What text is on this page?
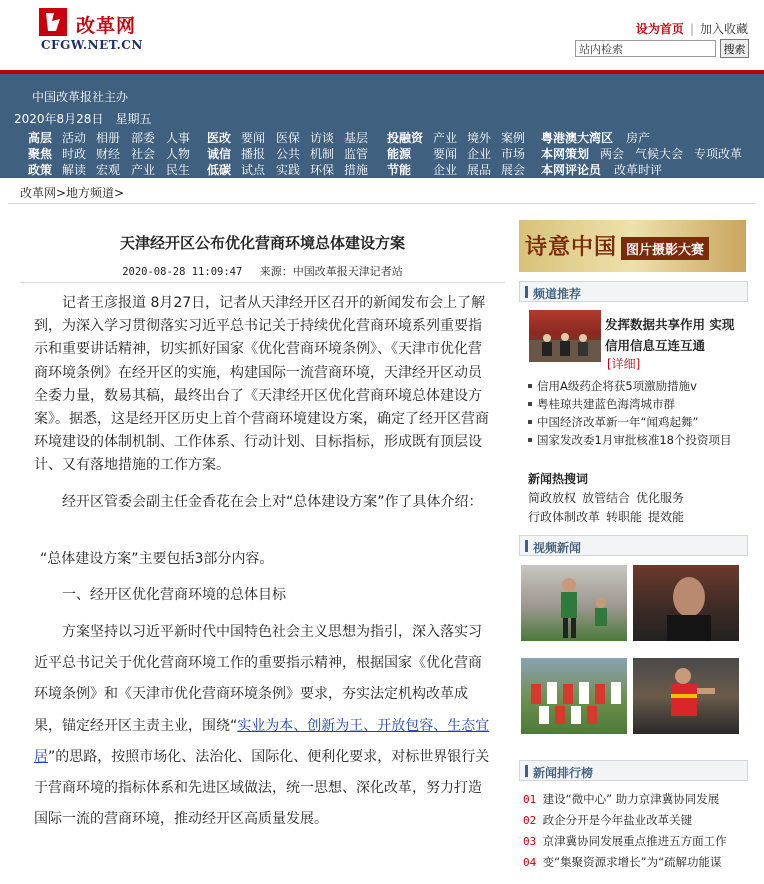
改革网
CFGW.NET.CN
设为首页 | 加入收藏
站内检索
搜索
中国改革报社主办
2020年8月28日　星期五
高层 活动 相册 部委 人事 医改 要闻 医保 访谈 基层 投融资 产业 境外 案例 粤港澳大湾区 房产
聚焦 时政 财经 社会 人物 诚信 播报 公共 机制 监管 能源 要闻 企业 市场 本网策划 两会 气候大会 专项改革
政策 解读 宏观 产业 民生 低碳 试点 实践 环保 措施 节能 企业 展品 展会 本网评论员 改革时评
改革网>地方频道>
天津经开区公布优化营商环境总体建设方案
2020-08-28 11:09:47 来源：中国改革报天津记者站

记者王彦报道 8月27日，记者从天津经开区召开的新闻发布会上了解到，为深入学习贯彻落实习近平总书记关于持续优化营商环境系列重要指示和重要讲话精神，切实抓好国家《优化营商环境条例》、《天津市优化营商环境条例》在经开区的实施，构建国际一流营商环境，天津经开区动员全委力量，数易其稿，最终出台了《天津经开区优化营商环境总体建设方案》。据悉，这是经开区历史上首个营商环境建设方案，确定了经开区营商环境建设的体制机制、工作体系、行动计划、目标指标，形成既有顶层设计、又有落地措施的工作方案。

经开区管委会副主任金香花在会上对“总体建设方案”作了具体介绍：

“总体建设方案”主要包括3部分内容。

一、经开区优化营商环境的总体目标

方案坚持以习近平新时代中国特色社会主义思想为指引，深入落实习近平总书记关于优化营商环境工作的重要指示精神，根据国家《优化营商环境条例》和《天津市优化营商环境条例》要求，夯实法定机构改革成果，锚定经开区主责主业，围绕“实业为本、创新为王、开放包容、生态宜居”的思路，按照市场化、法治化、国际化、便利化要求，对标世界银行关于营商环境的指标体系和先进区域做法，统一思想、深化改革，努力打造国际一流的营商环境，推动经开区高质量发展。

诗意中国 图片摄影大赛
频道推荐
发挥数据共享作用 实现信用信息互连互通
[详细]
信用A级药企将获5项激励措施v
粤桂琼共建蓝色海湾城市群
中国经济改革新一年“闻鸡起舞”
国家发改委1月审批核准18个投资项目
新闻热搜词
简政放权 放管结合 优化服务行政体制改革 转职能 提效能
视频新闻
新闻排行榜
01 建设“微中心” 助力京津冀协同发展
02 政企分开是今年盐业改革关键
03 京津冀协同发展重点推进五方面工作
04 变“集聚资源求增长”为“疏解功能谋
